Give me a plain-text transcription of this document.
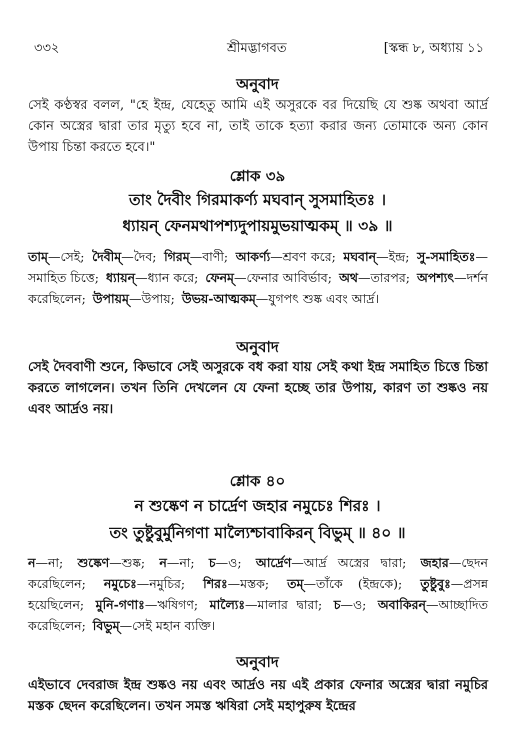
৩৩২	শ্রীমদ্ভাগবত	[স্কন্ধ ৮, অধ্যায় ১১
অনুবাদ

সেই কণ্ঠস্বর বলল, "হে ইন্দ্র, যেহেতু আমি এই অসুরকে বর দিয়েছি যে শুষ্ক অথবা আর্দ্র কোন অস্ত্রের দ্বারা তার মৃত্যু হবে না, তাই তাকে হত্যা করার জন্য তোমাকে অন্য কোন উপায় চিন্তা করতে হবে।"

শ্লোক ৩৯
তাং দৈবীং গিরমাকর্ণ্য মঘবান্ সুসমাহিতঃ ।
ধ্যায়ন্ ফেনমথাপশ্যদুপায়মুভয়াত্মকম্ ॥ ৩৯ ॥
তাম্—সেই; দৈবীম্—দৈব; গিরম্—বাণী; আকর্ণ্য—শ্রবণ করে; মঘবান্—ইন্দ্র; সু-সমাহিতঃ—সমাহিত চিত্তে; ধ্যায়ন্—ধ্যান করে; ফেনম্—ফেনার আবির্ভাব; অথ—তারপর; অপশ্যৎ—দর্শন করেছিলেন; উপায়ম্—উপায়; উভয়-আত্মকম্—যুগপৎ শুষ্ক এবং আর্দ্র।
অনুবাদ

সেই দৈববাণী শুনে, কিভাবে সেই অসুরকে বধ করা যায় সেই কথা ইন্দ্র সমাহিত চিত্তে চিন্তা করতে লাগলেন। তখন তিনি দেখলেন যে ফেনা হচ্ছে তার উপায়, কারণ তা শুষ্কও নয় এবং আর্দ্রও নয়।

শ্লোক ৪০
ন শুষ্কেণ ন চার্দ্রেণ জহার নমুচেঃ শিরঃ ।
তং তুষ্টুবুর্মুনিগণা মাল্যৈশ্চাবাকিরন্ বিভুম্ ॥ ৪০ ॥
ন—না; শুষ্কেণ—শুষ্ক; ন—না; চ—ও; আর্দ্রেণ—আর্দ্র অস্ত্রের দ্বারা; জহার—ছেদন করেছিলেন; নমুচেঃ—নমুচির; শিরঃ—মস্তক; তম্—তাঁকে (ইন্দ্রকে); তুষ্টুবুঃ—প্রসন্ন হয়েছিলেন; মুনি-গণাঃ—ঋষিগণ; মাল্যৈঃ—মালার দ্বারা; চ—ও; অবাকিরন্—আচ্ছাদিত করেছিলেন; বিভুম্—সেই মহান ব্যক্তি।
অনুবাদ

এইভাবে দেবরাজ ইন্দ্র শুষ্কও নয় এবং আর্দ্রও নয় এই প্রকার ফেনার অস্ত্রের দ্বারা নমুচির মস্তক ছেদন করেছিলেন। তখন সমস্ত ঋষিরা সেই মহাপুরুষ ইন্দ্রের
